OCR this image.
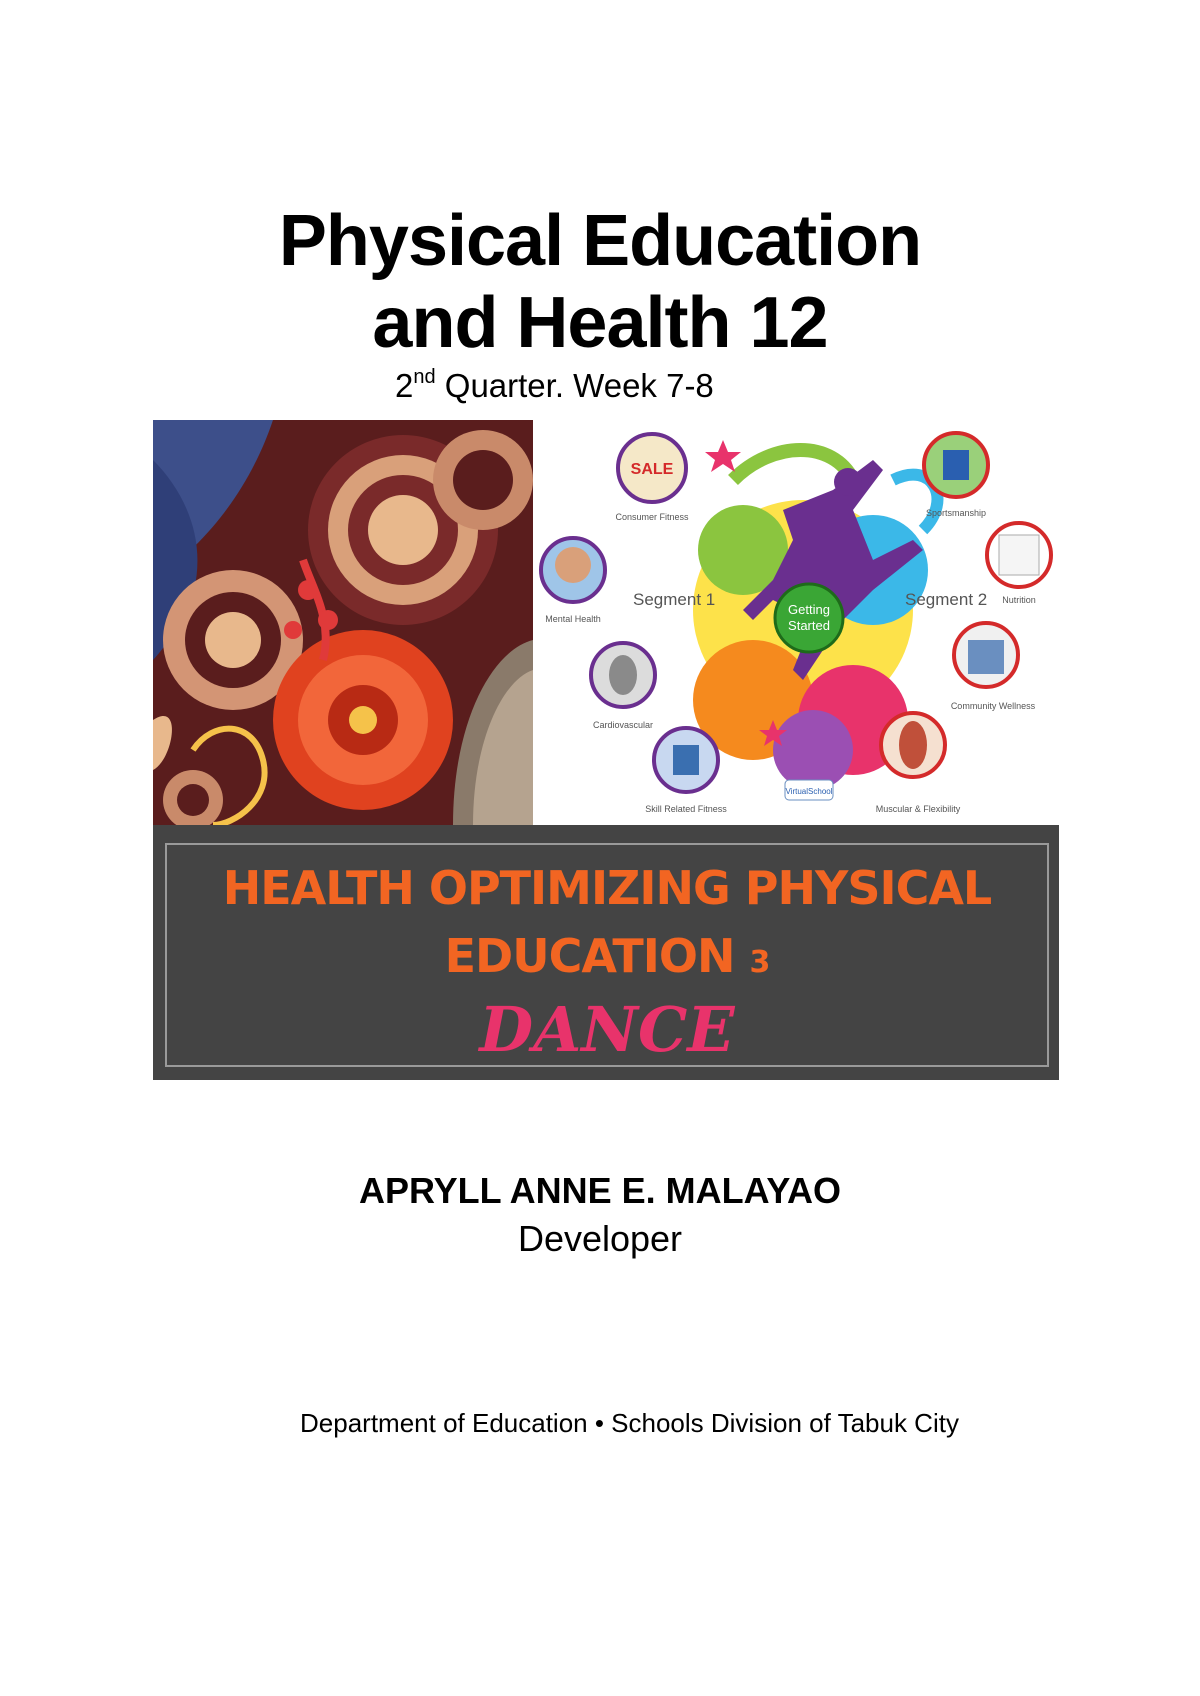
Physical Education
and Health 12
2nd Quarter. Week 7-8
Getting
Started
Segment 1	Segment 2
SALE
Consumer Fitness
Mental Health
Cardiovascular
Skill Related Fitness
Sportsmanship
Nutrition
Community Wellness
Muscular & Flexibility
VirtualSchool
HEALTH OPTIMIZING PHYSICAL
EDUCATION 3
DANCE
APRYLL ANNE E. MALAYAO
Developer
Department of Education • Schools Division of Tabuk City
